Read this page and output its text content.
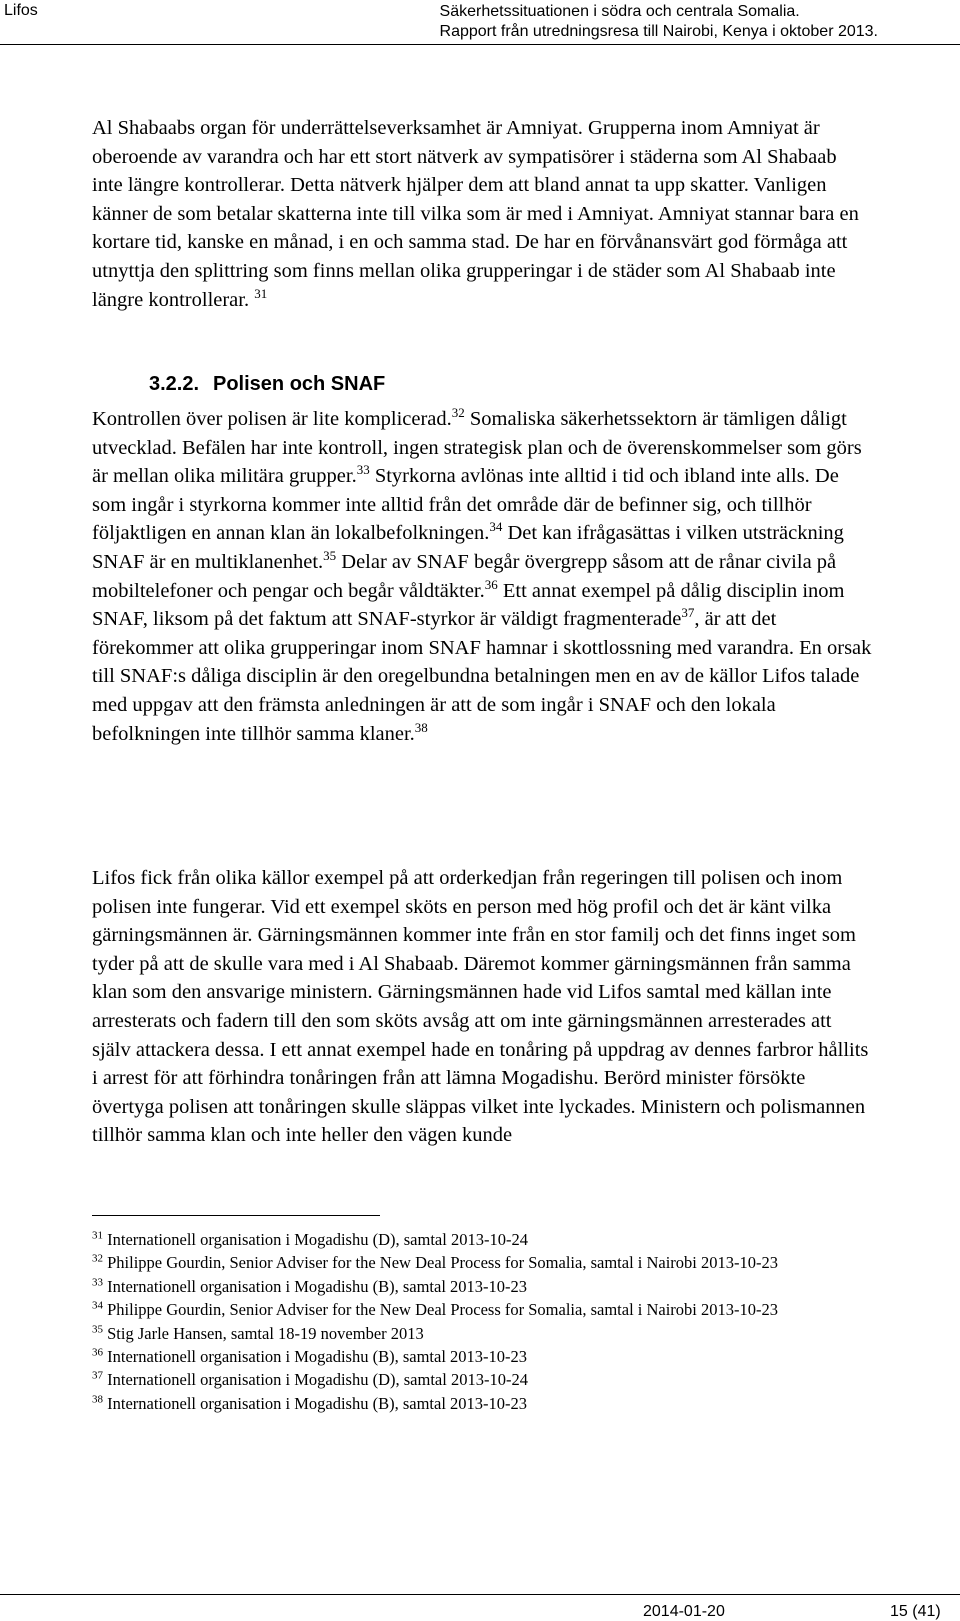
Lifos	Säkerhetssituationen i södra och centrala Somalia.
Rapport från utredningsresa till Nairobi, Kenya i oktober 2013.

Al Shabaabs organ för underrättelseverksamhet är Amniyat. Grupperna inom Amniyat är oberoende av varandra och har ett stort nätverk av sympatisörer i städerna som Al Shabaab inte längre kontrollerar. Detta nätverk hjälper dem att bland annat ta upp skatter. Vanligen känner de som betalar skatterna inte till vilka som är med i Amniyat. Amniyat stannar bara en kortare tid, kanske en månad, i en och samma stad. De har en förvånansvärt god förmåga att utnyttja den splittring som finns mellan olika grupperingar i de städer som Al Shabaab inte längre kontrollerar. $^{31}$

3.2.2. Polisen och SNAF

Kontrollen över polisen är lite komplicerad.$^{32}$ Somaliska säkerhetssektorn är tämligen dåligt utvecklad. Befälen har inte kontroll, ingen strategisk plan och de överenskommelser som görs är mellan olika militära grupper.$^{33}$ Styrkorna avlönas inte alltid i tid och ibland inte alls. De som ingår i styrkorna kommer inte alltid från det område där de befinner sig, och tillhör följaktligen en annan klan än lokalbefolkningen.$^{34}$ Det kan ifrågasättas i vilken utsträckning SNAF är en multiklanenhet.$^{35}$ Delar av SNAF begår övergrepp såsom att de rånar civila på mobiltelefoner och pengar och begår våldtäkter.$^{36}$ Ett annat exempel på dålig disciplin inom SNAF, liksom på det faktum att SNAF-styrkor är väldigt fragmenterade$^{37}$, är att det förekommer att olika grupperingar inom SNAF hamnar i skottlossning med varandra. En orsak till SNAF:s dåliga disciplin är den oregelbundna betalningen men en av de källor Lifos talade med uppgav att den främsta anledningen är att de som ingår i SNAF och den lokala befolkningen inte tillhör samma klaner.$^{38}$

Lifos fick från olika källor exempel på att orderkedjan från regeringen till polisen och inom polisen inte fungerar. Vid ett exempel sköts en person med hög profil och det är känt vilka gärningsmännen är. Gärningsmännen kommer inte från en stor familj och det finns inget som tyder på att de skulle vara med i Al Shabaab. Däremot kommer gärningsmännen från samma klan som den ansvarige ministern. Gärningsmännen hade vid Lifos samtal med källan inte arresterats och fadern till den som sköts avsåg att om inte gärningsmännen arresterades att själv attackera dessa. I ett annat exempel hade en tonåring på uppdrag av dennes farbror hållits i arrest för att förhindra tonåringen från att lämna Mogadishu. Berörd minister försökte övertyga polisen att tonåringen skulle släppas vilket inte lyckades. Ministern och polismannen tillhör samma klan och inte heller den vägen kunde

$^{31}$ Internationell organisation i Mogadishu (D), samtal 2013-10-24
$^{32}$ Philippe Gourdin, Senior Adviser for the New Deal Process for Somalia, samtal i Nairobi 2013-10-23
$^{33}$ Internationell organisation i Mogadishu (B), samtal 2013-10-23
$^{34}$ Philippe Gourdin, Senior Adviser for the New Deal Process for Somalia, samtal i Nairobi 2013-10-23
$^{35}$ Stig Jarle Hansen, samtal 18-19 november 2013
$^{36}$ Internationell organisation i Mogadishu (B), samtal 2013-10-23
$^{37}$ Internationell organisation i Mogadishu (D), samtal 2013-10-24
$^{38}$ Internationell organisation i Mogadishu (B), samtal 2013-10-23
2014-01-20	15 (41)
